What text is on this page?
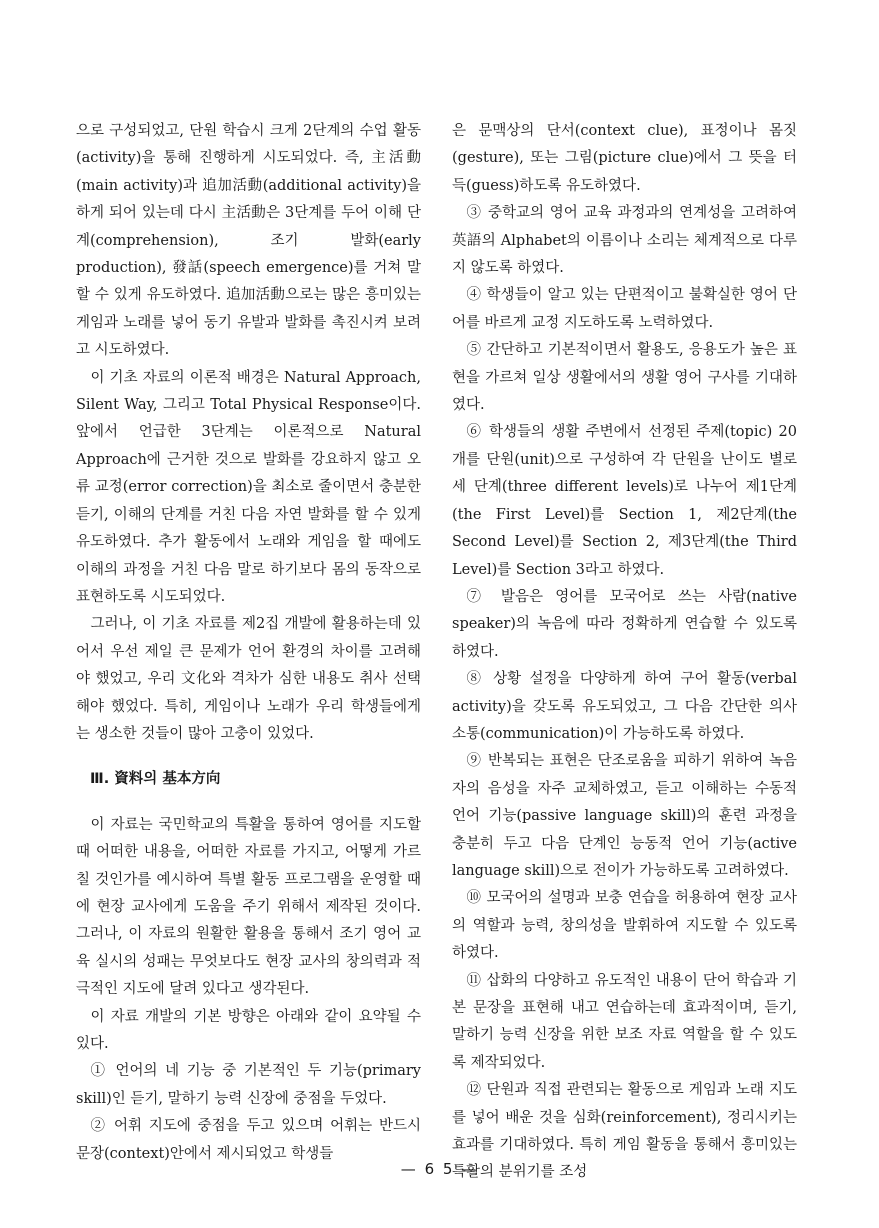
으로 구성되었고, 단원 학습시 크게 2단계의 수업 활동(activity)을 통해 진행하게 시도되었다. 즉, 主活動(main activity)과 追加活動(additional activity)을 하게 되어 있는데 다시 主活動은 3단계를 두어 이해 단계(comprehension), 조기 발화(early production), 發話(speech emergence)를 거쳐 말할 수 있게 유도하였다. 追加活動으로는 많은 흥미있는 게임과 노래를 넣어 동기 유발과 발화를 촉진시켜 보려고 시도하였다.

이 기초 자료의 이론적 배경은 Natural Approach, Silent Way, 그리고 Total Physical Response이다. 앞에서 언급한 3단계는 이론적으로 Natural Approach에 근거한 것으로 발화를 강요하지 않고 오류 교정(error correction)을 최소로 줄이면서 충분한 듣기, 이해의 단계를 거친 다음 자연 발화를 할 수 있게 유도하였다. 추가 활동에서 노래와 게임을 할 때에도 이해의 과정을 거친 다음 말로 하기보다 몸의 동작으로 표현하도록 시도되었다.

그러나, 이 기초 자료를 제2집 개발에 활용하는데 있어서 우선 제일 큰 문제가 언어 환경의 차이를 고려해야 했었고, 우리 文化와 격차가 심한 내용도 취사 선택해야 했었다. 특히, 게임이나 노래가 우리 학생들에게는 생소한 것들이 많아 고충이 있었다.

Ⅲ. 資料의 基本方向

이 자료는 국민학교의 특활을 통하여 영어를 지도할 때 어떠한 내용을, 어떠한 자료를 가지고, 어떻게 가르칠 것인가를 예시하여 특별 활동 프로그램을 운영할 때에 현장 교사에게 도움을 주기 위해서 제작된 것이다. 그러나, 이 자료의 원활한 활용을 통해서 조기 영어 교육 실시의 성패는 무엇보다도 현장 교사의 창의력과 적극적인 지도에 달려 있다고 생각된다.

이 자료 개발의 기본 방향은 아래와 같이 요약될 수 있다.

① 언어의 네 기능 중 기본적인 두 기능(primary skill)인 듣기, 말하기 능력 신장에 중점을 두었다.

② 어휘 지도에 중점을 두고 있으며 어휘는 반드시 문장(context)안에서 제시되었고 학생들

은 문맥상의 단서(context clue), 표정이나 몸짓(gesture), 또는 그림(picture clue)에서 그 뜻을 터득(guess)하도록 유도하였다.

③ 중학교의 영어 교육 과정과의 연계성을 고려하여 英語의 Alphabet의 이름이나 소리는 체계적으로 다루지 않도록 하였다.

④ 학생들이 알고 있는 단편적이고 불확실한 영어 단어를 바르게 교정 지도하도록 노력하였다.

⑤ 간단하고 기본적이면서 활용도, 응용도가 높은 표현을 가르쳐 일상 생활에서의 생활 영어 구사를 기대하였다.

⑥ 학생들의 생활 주변에서 선정된 주제(topic) 20개를 단원(unit)으로 구성하여 각 단원을 난이도 별로 세 단계(three different levels)로 나누어 제1단계(the First Level)를 Section 1, 제2단계(the Second Level)를 Section 2, 제3단계(the Third Level)를 Section 3라고 하였다.

⑦ 발음은 영어를 모국어로 쓰는 사람(native speaker)의 녹음에 따라 정확하게 연습할 수 있도록 하였다.

⑧ 상황 설정을 다양하게 하여 구어 활동(verbal activity)을 갖도록 유도되었고, 그 다음 간단한 의사 소통(communication)이 가능하도록 하였다.

⑨ 반복되는 표현은 단조로움을 피하기 위하여 녹음자의 음성을 자주 교체하였고, 듣고 이해하는 수동적 언어 기능(passive language skill)의 훈련 과정을 충분히 두고 다음 단계인 능동적 언어 기능(active language skill)으로 전이가 가능하도록 고려하였다.

⑩ 모국어의 설명과 보충 연습을 허용하여 현장 교사의 역할과 능력, 창의성을 발휘하여 지도할 수 있도록 하였다.

⑪ 삽화의 다양하고 유도적인 내용이 단어 학습과 기본 문장을 표현해 내고 연습하는데 효과적이며, 듣기, 말하기 능력 신장을 위한 보조 자료 역할을 할 수 있도록 제작되었다.

⑫ 단원과 직접 관련되는 활동으로 게임과 노래 지도를 넣어 배운 것을 심화(reinforcement), 정리시키는 효과를 기대하였다. 특히 게임 활동을 통해서 흥미있는 특활의 분위기를 조성

— 6 5 —
